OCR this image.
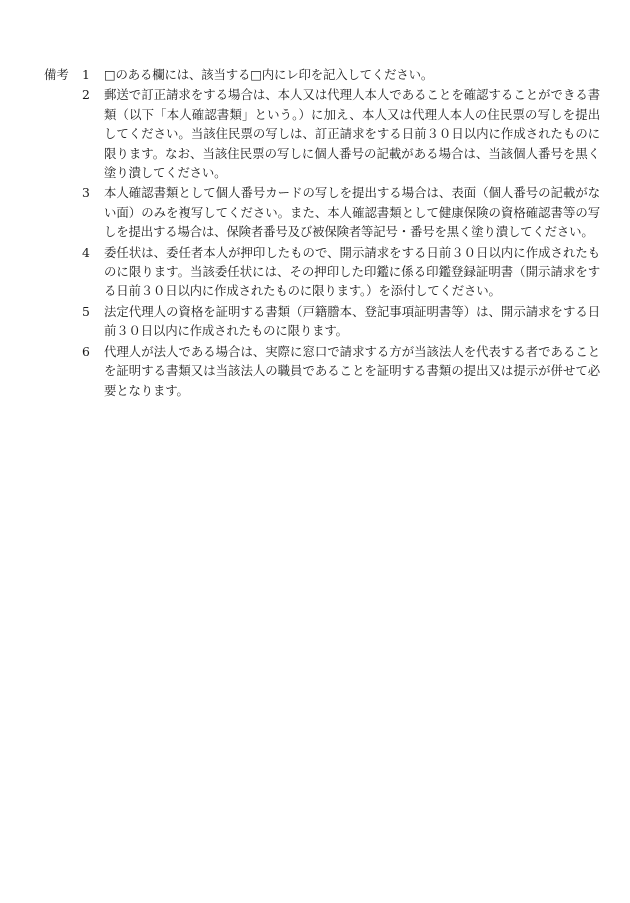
備考	1	□のある欄には、該当する□内にレ印を記入してください。
2	郵送で訂正請求をする場合は、本人又は代理人本人であることを確認することができる書類（以下「本人確認書類」という。）に加え、本人又は代理人本人の住民票の写しを提出してください。当該住民票の写しは、訂正請求をする日前３０日以内に作成されたものに限ります。なお、当該住民票の写しに個人番号の記載がある場合は、当該個人番号を黒く塗り潰してください。
3	本人確認書類として個人番号カードの写しを提出する場合は、表面（個人番号の記載がない面）のみを複写してください。また、本人確認書類として健康保険の資格確認書等の写しを提出する場合は、保険者番号及び被保険者等記号・番号を黒く塗り潰してください。
4	委任状は、委任者本人が押印したもので、開示請求をする日前３０日以内に作成されたものに限ります。当該委任状には、その押印した印鑑に係る印鑑登録証明書（開示請求をする日前３０日以内に作成されたものに限ります。）を添付してください。
5	法定代理人の資格を証明する書類（戸籍謄本、登記事項証明書等）は、開示請求をする日前３０日以内に作成されたものに限ります。
6	代理人が法人である場合は、実際に窓口で請求する方が当該法人を代表する者であることを証明する書類又は当該法人の職員であることを証明する書類の提出又は提示が併せて必要となります。
